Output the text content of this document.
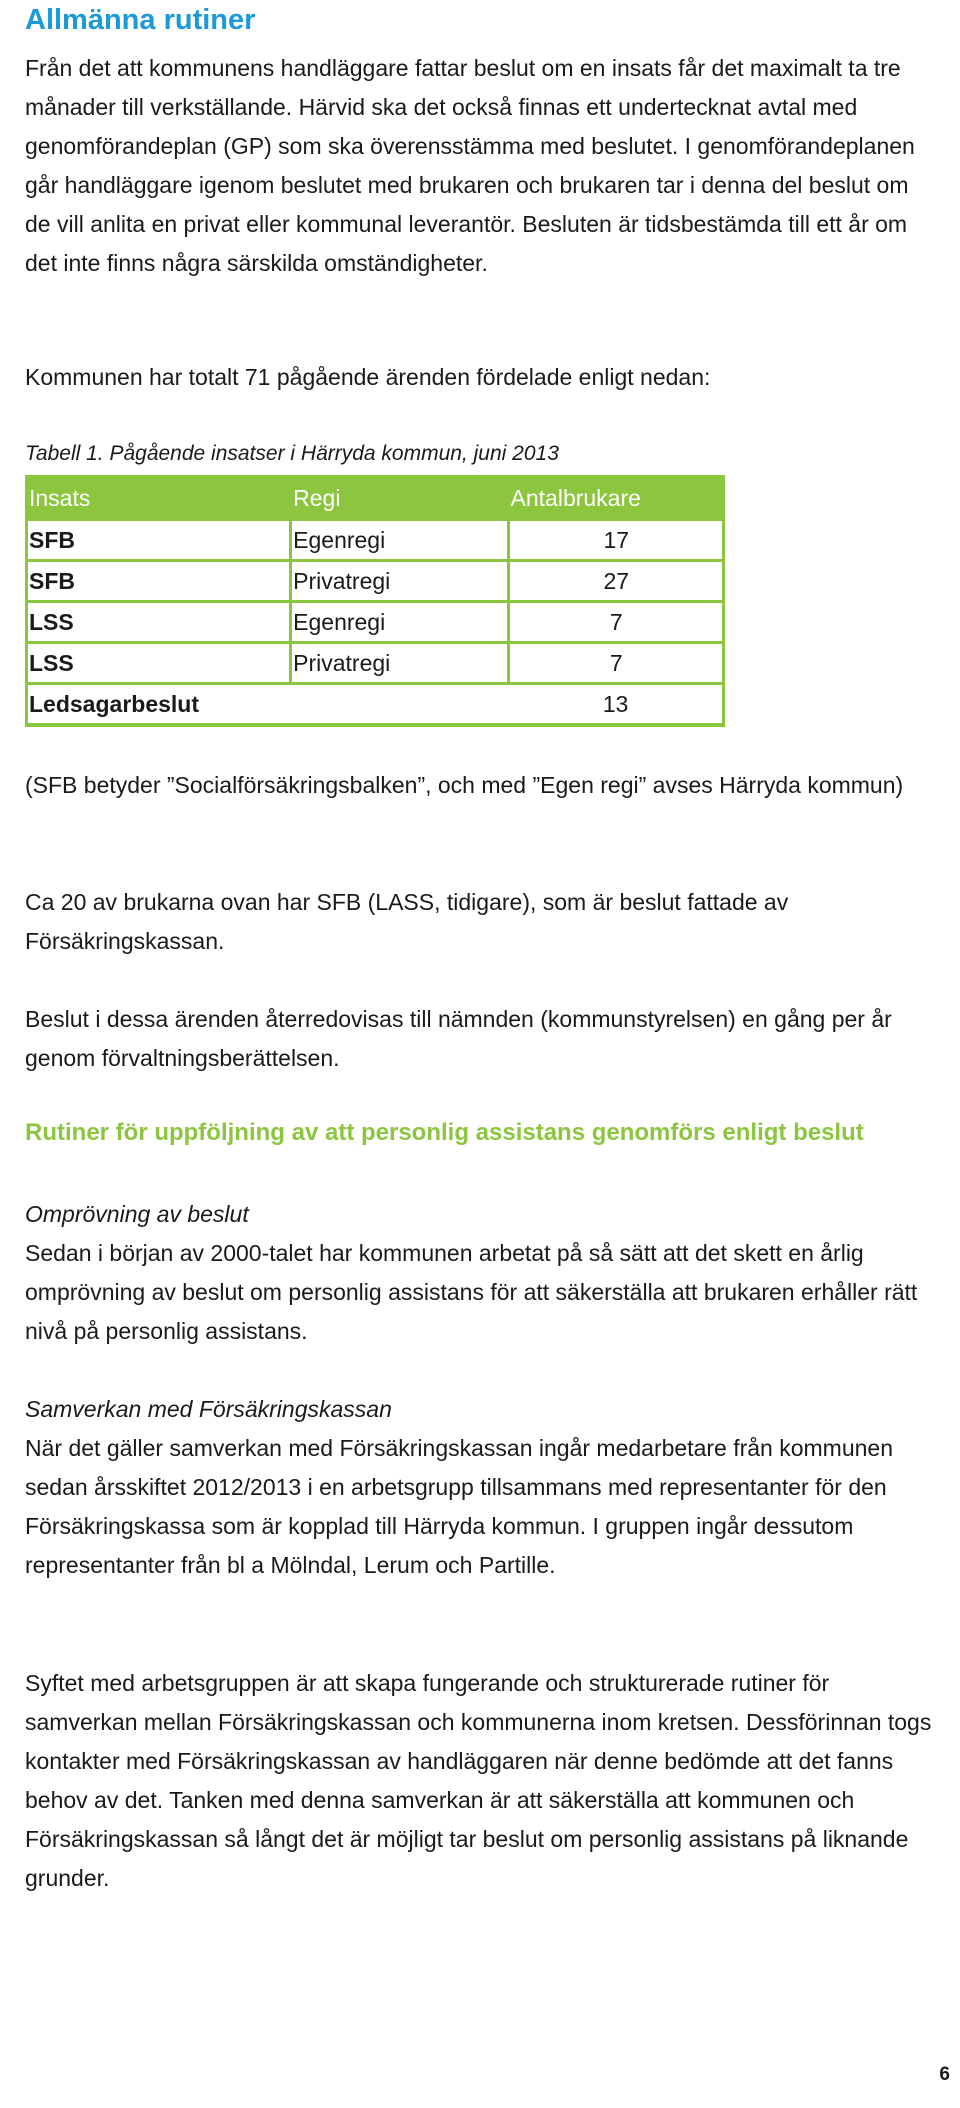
Allmänna rutiner

Från det att kommunens handläggare fattar beslut om en insats får det maximalt ta tre månader till verkställande. Härvid ska det också finnas ett undertecknat avtal med genomförandeplan (GP) som ska överensstämma med beslutet. I genomförandeplanen går handläggare igenom beslutet med brukaren och brukaren tar i denna del beslut om de vill anlita en privat eller kommunal leverantör. Besluten är tidsbestämda till ett år om det inte finns några särskilda omständigheter.

Kommunen har totalt 71 pågående ärenden fördelade enligt nedan:

Tabell 1. Pågående insatser i Härryda kommun, juni 2013
Insats	Regi	Antalbrukare
SFB	Egenregi	17
SFB	Privatregi	27
LSS	Egenregi	7
LSS	Privatregi	7
Ledsagarbeslut		13

(SFB betyder ”Socialförsäkringsbalken”, och med ”Egen regi” avses Härryda kommun)

Ca 20 av brukarna ovan har SFB (LASS, tidigare), som är beslut fattade av Försäkringskassan.

Beslut i dessa ärenden återredovisas till nämnden (kommunstyrelsen) en gång per år genom förvaltningsberättelsen.

Rutiner för uppföljning av att personlig assistans genomförs enligt beslut

Omprövning av beslut

Sedan i början av 2000-talet har kommunen arbetat på så sätt att det skett en årlig omprövning av beslut om personlig assistans för att säkerställa att brukaren erhåller rätt nivå på personlig assistans.

Samverkan med Försäkringskassan

När det gäller samverkan med Försäkringskassan ingår medarbetare från kommunen sedan årsskiftet 2012/2013 i en arbetsgrupp tillsammans med representanter för den Försäkringskassa som är kopplad till Härryda kommun. I gruppen ingår dessutom representanter från bl a Mölndal, Lerum och Partille.

Syftet med arbetsgruppen är att skapa fungerande och strukturerade rutiner för samverkan mellan Försäkringskassan och kommunerna inom kretsen. Dessförinnan togs kontakter med Försäkringskassan av handläggaren när denne bedömde att det fanns behov av det. Tanken med denna samverkan är att säkerställa att kommunen och Försäkringskassan så långt det är möjligt tar beslut om personlig assistans på liknande grunder.

6
